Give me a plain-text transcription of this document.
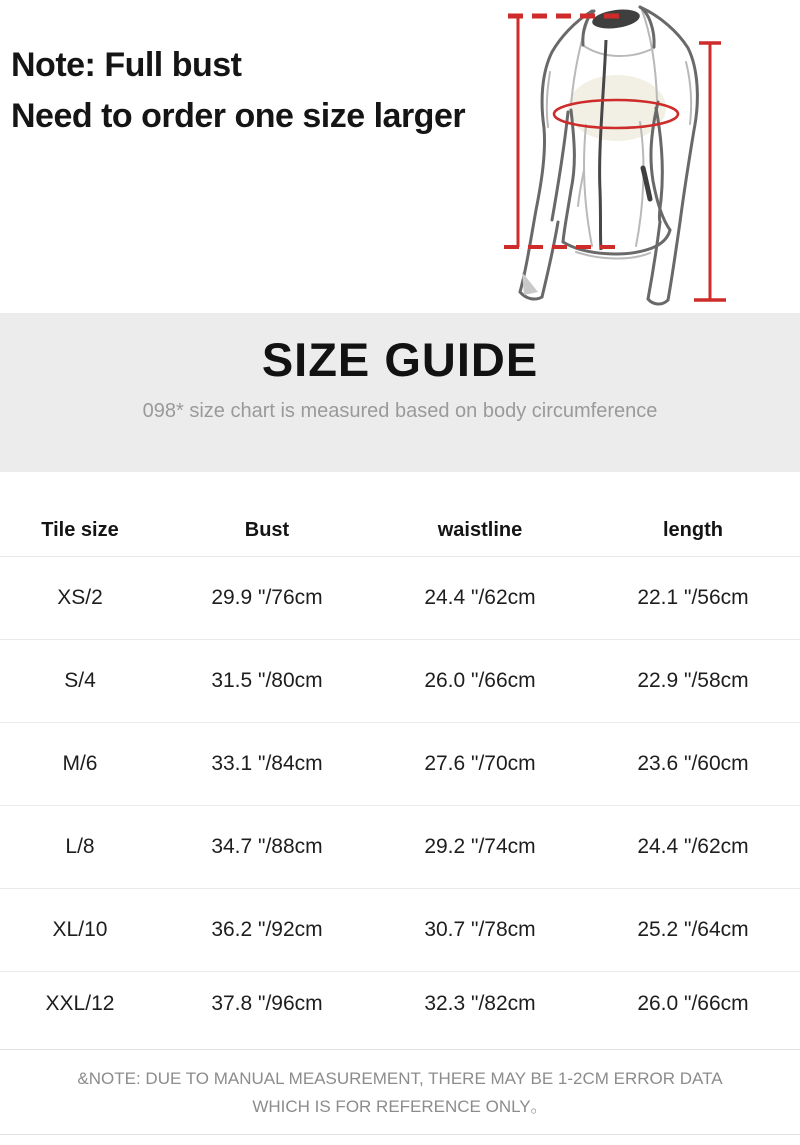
Note: Full bust
Need to order one size larger
SIZE GUIDE
098* size chart is measured based on body circumference
Tile size	Bust	waistline	length
XS/2	29.9 "/76cm	24.4 "/62cm	22.1 "/56cm
S/4	31.5 "/80cm	26.0 "/66cm	22.9 "/58cm
M/6	33.1 "/84cm	27.6 "/70cm	23.6 "/60cm
L/8	34.7 "/88cm	29.2 "/74cm	24.4 "/62cm
XL/10	36.2 "/92cm	30.7 "/78cm	25.2 "/64cm
XXL/12	37.8 "/96cm	32.3 "/82cm	26.0 "/66cm
&NOTE: DUE TO MANUAL MEASUREMENT, THERE MAY BE 1-2CM ERROR DATA
WHICH IS FOR REFERENCE ONLY。
